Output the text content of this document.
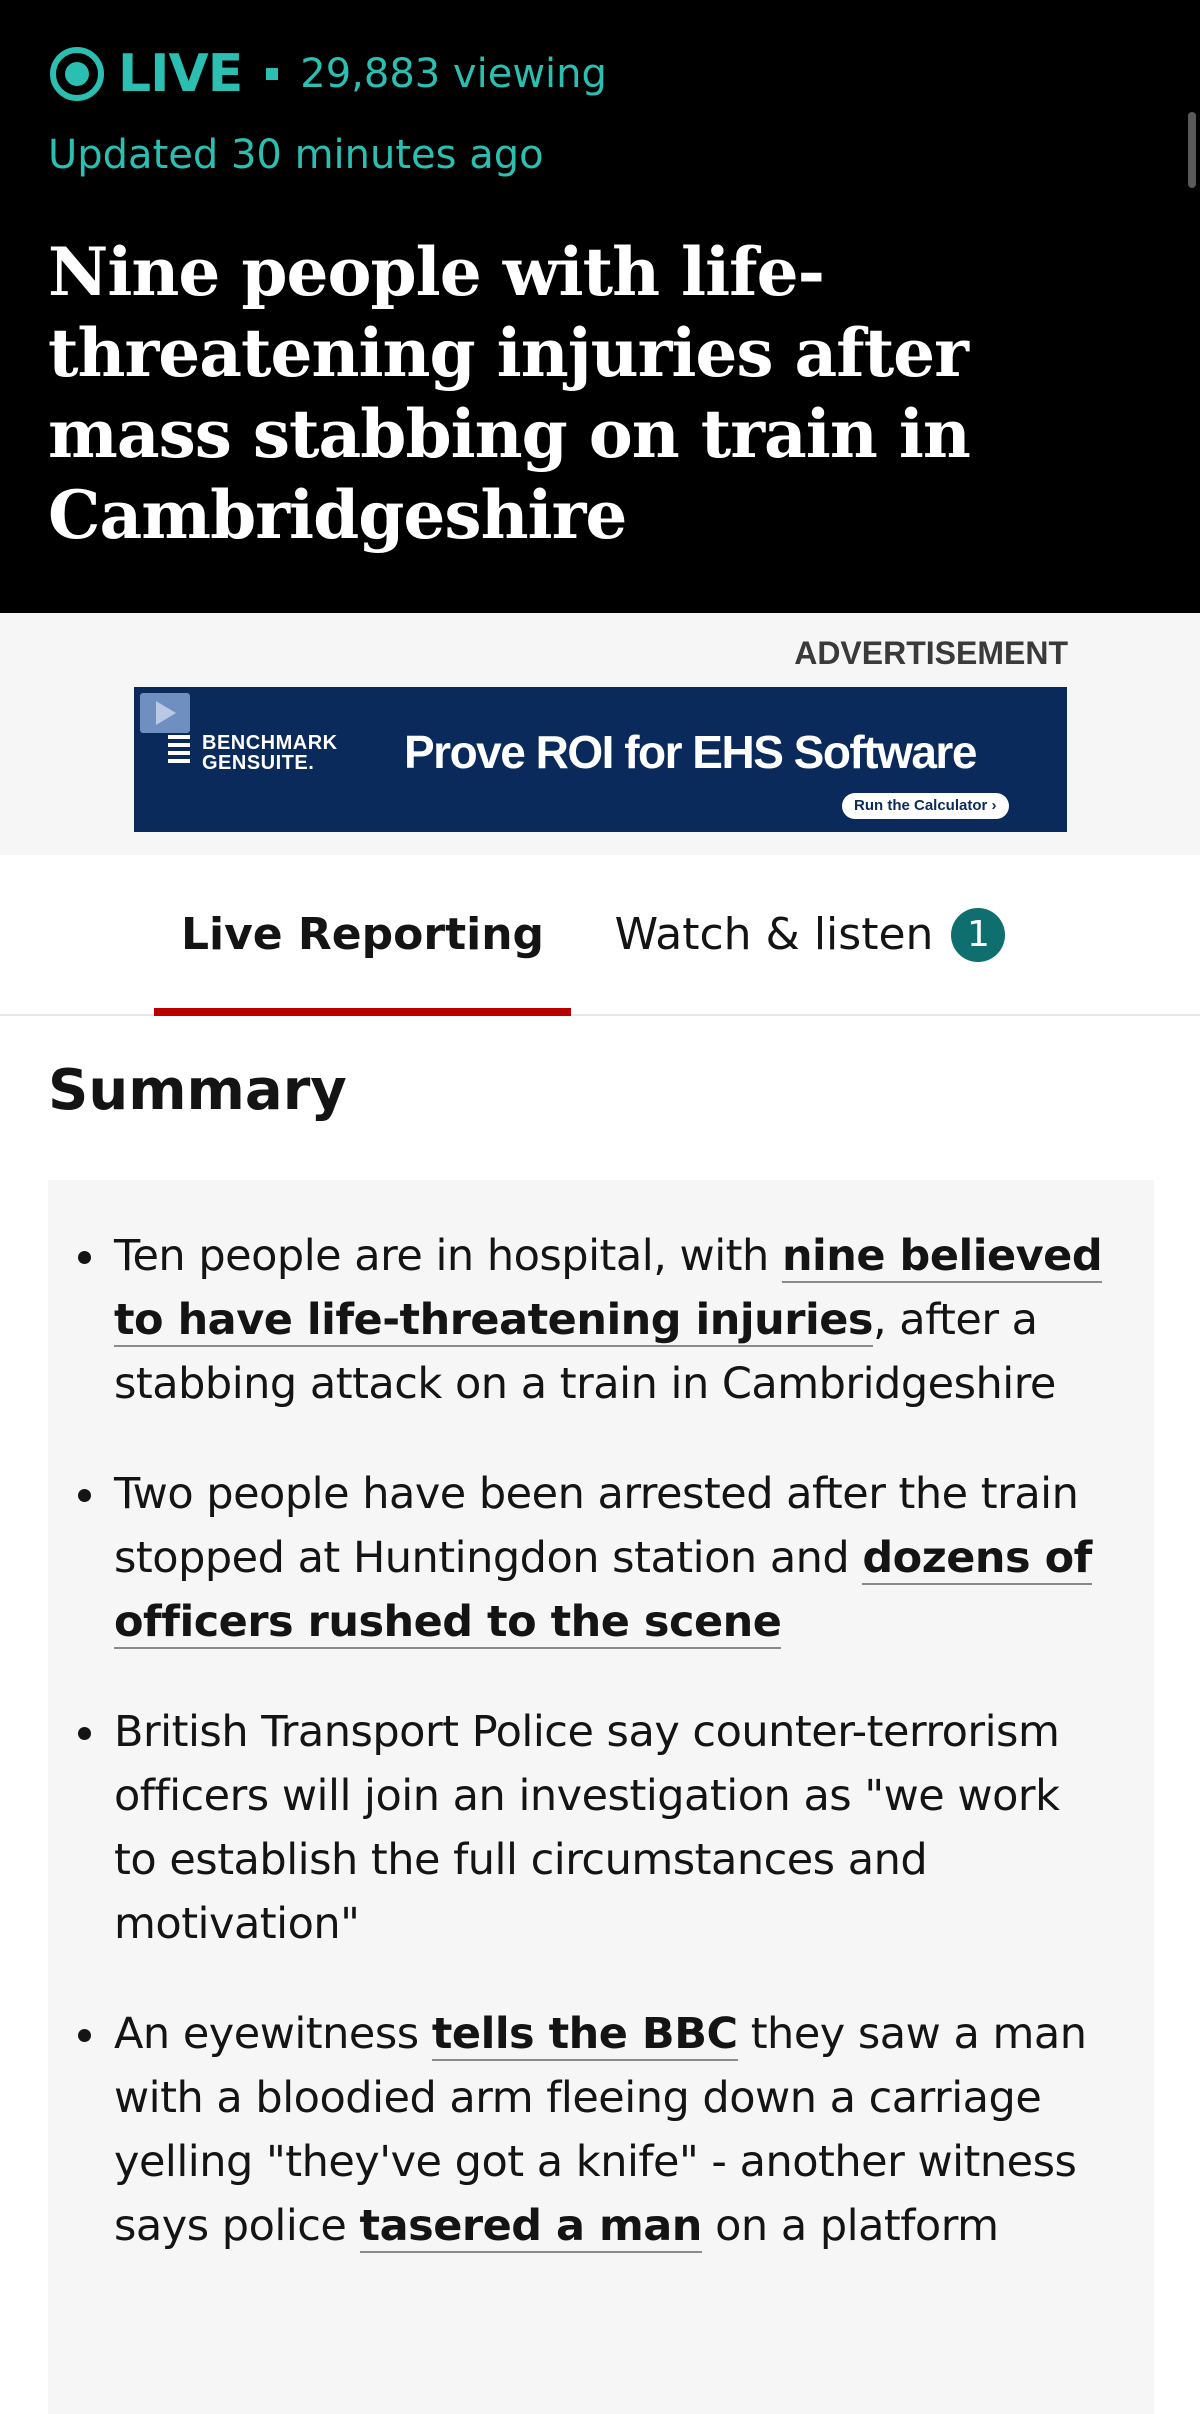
LIVE 29,883 viewing
Updated 30 minutes ago
Nine people with life-threatening injuries after mass stabbing on train in Cambridgeshire
ADVERTISEMENT
BENCHMARK
GENSUITE.	Prove ROI for EHS Software
Run the Calculator ›
Live Reporting Watch & listen 1
Summary
Ten people are in hospital, with nine believed to have life-threatening injuries, after a stabbing attack on a train in Cambridgeshire
Two people have been arrested after the train stopped at Huntingdon station and dozens of officers rushed to the scene
British Transport Police say counter-terrorism officers will join an investigation as "we work to establish the full circumstances and motivation"
An eyewitness tells the BBC they saw a man with a bloodied arm fleeing down a carriage yelling "they've got a knife" - another witness says police tasered a man on a platform
